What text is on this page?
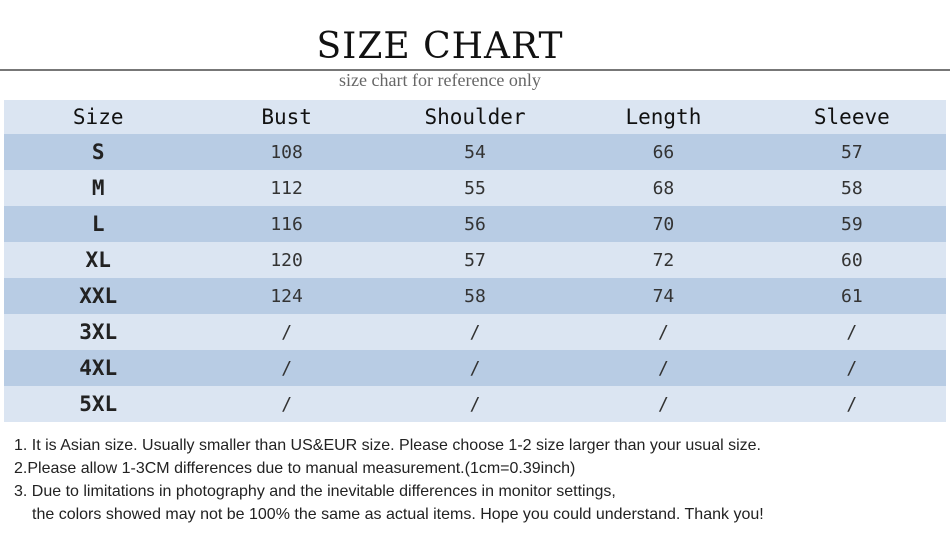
SIZE CHART
size chart for reference only
Size	Bust	Shoulder	Length	Sleeve
S	108	54	66	57
M	112	55	68	58
L	116	56	70	59
XL	120	57	72	60
XXL	124	58	74	61
3XL	/	/	/	/
4XL	/	/	/	/
5XL	/	/	/	/
1. It is Asian size. Usually smaller than US&EUR size. Please choose 1-2 size larger than your usual size.
2.Please allow 1-3CM differences due to manual measurement.(1cm=0.39inch)
3. Due to limitations in photography and the inevitable differences in monitor settings,
the colors showed may not be 100% the same as actual items. Hope you could understand. Thank you!
